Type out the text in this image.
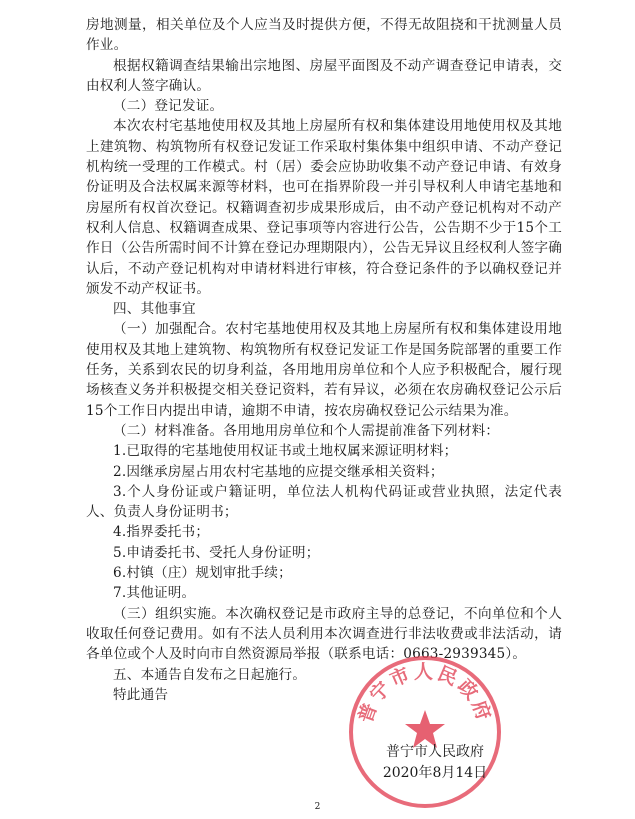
房地测量，相关单位及个人应当及时提供方便，不得无故阻挠和干扰测量人员作业。

根据权籍调查结果输出宗地图、房屋平面图及不动产调查登记申请表，交由权利人签字确认。

（二）登记发证。

本次农村宅基地使用权及其地上房屋所有权和集体建设用地使用权及其地上建筑物、构筑物所有权登记发证工作采取村集体集中组织申请、不动产登记机构统一受理的工作模式。村（居）委会应协助收集不动产登记申请、有效身份证明及合法权属来源等材料，也可在指界阶段一并引导权利人申请宅基地和房屋所有权首次登记。权籍调查初步成果形成后，由不动产登记机构对不动产权利人信息、权籍调查成果、登记事项等内容进行公告，公告期不少于15个工作日（公告所需时间不计算在登记办理期限内），公告无异议且经权利人签字确认后，不动产登记机构对申请材料进行审核，符合登记条件的予以确权登记并颁发不动产权证书。

四、其他事宜

（一）加强配合。农村宅基地使用权及其地上房屋所有权和集体建设用地使用权及其地上建筑物、构筑物所有权登记发证工作是国务院部署的重要工作任务，关系到农民的切身利益，各用地用房单位和个人应予积极配合，履行现场核查义务并积极提交相关登记资料，若有异议，必须在农房确权登记公示后15个工作日内提出申请，逾期不申请，按农房确权登记公示结果为准。

（二）材料准备。各用地用房单位和个人需提前准备下列材料：

1.已取得的宅基地使用权证书或土地权属来源证明材料；

2.因继承房屋占用农村宅基地的应提交继承相关资料；

3.个人身份证或户籍证明，单位法人机构代码证或营业执照，法定代表人、负责人身份证明书；

4.指界委托书；

5.申请委托书、受托人身份证明；

6.村镇（庄）规划审批手续；

7.其他证明。

（三）组织实施。本次确权登记是市政府主导的总登记，不向单位和个人收取任何登记费用。如有不法人员利用本次调查进行非法收费或非法活动，请各单位或个人及时向市自然资源局举报（联系电话：0663-2939345）。

五、本通告自发布之日起施行。

特此通告

普宁市人民政府
普宁市人民政府
2020年8月14日
2
